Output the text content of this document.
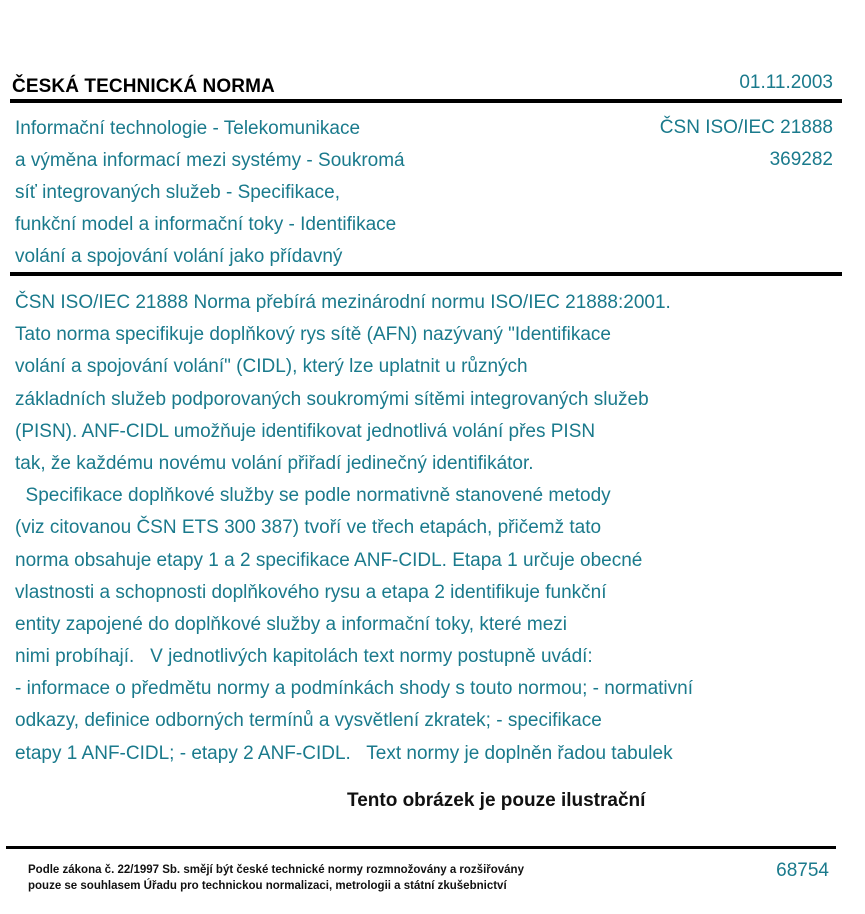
ČESKÁ TECHNICKÁ NORMA	01.11.2003
Informační technologie - Telekomunikace
a výměna informací mezi systémy - Soukromá
síť integrovaných služeb - Specifikace,
funkční model a informační toky - Identifikace
volání a spojování volání jako přídavný
ČSN ISO/IEC 21888
369282
ČSN ISO/IEC 21888 Norma přebírá mezinárodní normu ISO/IEC 21888:2001.
Tato norma specifikuje doplňkový rys sítě (AFN) nazývaný "Identifikace
volání a spojování volání" (CIDL), který lze uplatnit u různých
základních služeb podporovaných soukromými sítěmi integrovaných služeb
(PISN). ANF-CIDL umožňuje identifikovat jednotlivá volání přes PISN
tak, že každému novému volání přiřadí jedinečný identifikátor.
Specifikace doplňkové služby se podle normativně stanovené metody
(viz citovanou ČSN ETS 300 387) tvoří ve třech etapách, přičemž tato
norma obsahuje etapy 1 a 2 specifikace ANF-CIDL. Etapa 1 určuje obecné
vlastnosti a schopnosti doplňkového rysu a etapa 2 identifikuje funkční
entity zapojené do doplňkové služby a informační toky, které mezi
nimi probíhají.   V jednotlivých kapitolách text normy postupně uvádí:
- informace o předmětu normy a podmínkách shody s touto normou; - normativní
odkazy, definice odborných termínů a vysvětlení zkratek; - specifikace
etapy 1 ANF-CIDL; - etapy 2 ANF-CIDL.   Text normy je doplněn řadou tabulek
Tento obrázek je pouze ilustrační
Podle zákona č. 22/1997 Sb. smějí být české technické normy rozmnožovány a rozšiřovány
pouze se souhlasem Úřadu pro technickou normalizaci, metrologii a státní zkušebnictví
68754
